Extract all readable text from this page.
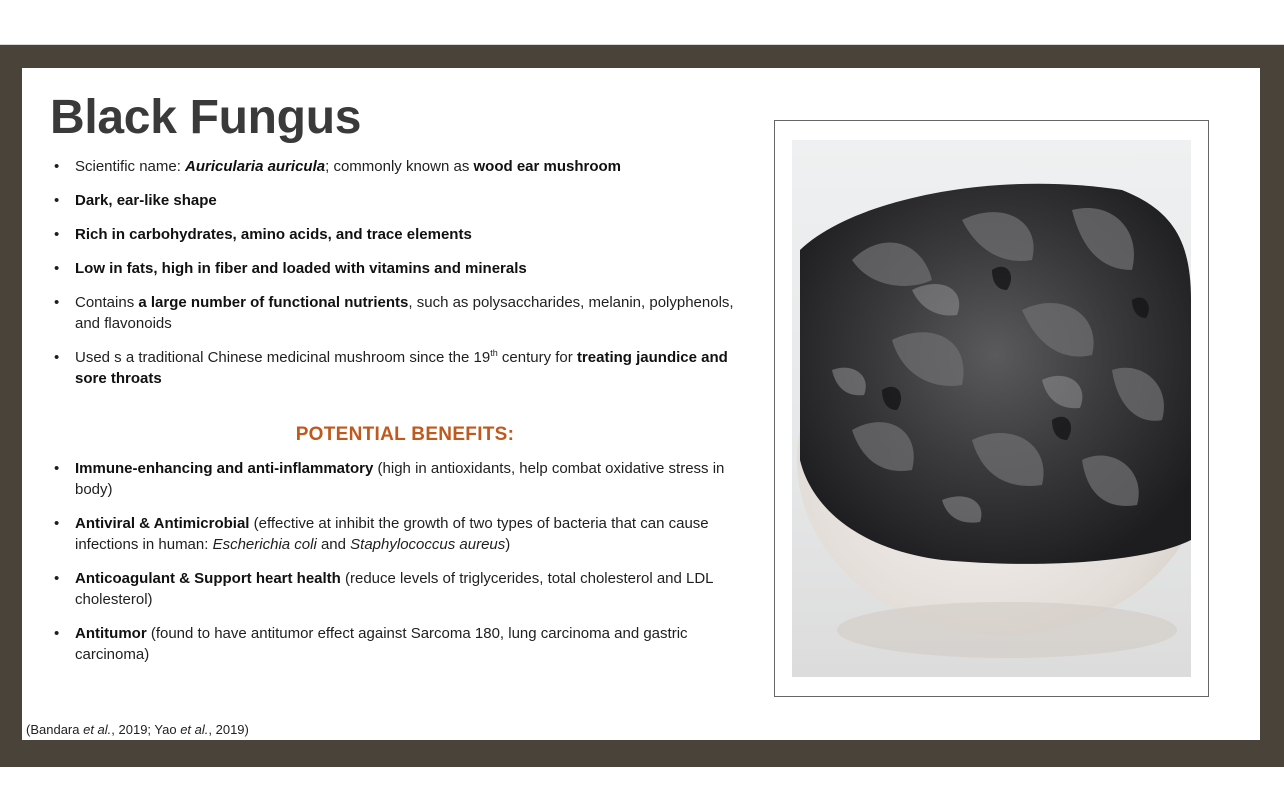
Black Fungus
• Scientific name: Auricularia auricula; commonly known as wood ear mushroom
• Dark, ear-like shape
• Rich in carbohydrates, amino acids, and trace elements
• Low in fats, high in fiber and loaded with vitamins and minerals
• Contains a large number of functional nutrients, such as polysaccharides, melanin, polyphenols, and flavonoids
• Used s a traditional Chinese medicinal mushroom since the 19th century for treating jaundice and sore throats
POTENTIAL BENEFITS:
• Immune-enhancing and anti-inflammatory (high in antioxidants, help combat oxidative stress in body)
• Antiviral & Antimicrobial (effective at inhibit the growth of two types of bacteria that can cause infections in human: Escherichia coli and Staphylococcus aureus)
• Anticoagulant & Support heart health (reduce levels of triglycerides, total cholesterol and LDL cholesterol)
• Antitumor (found to have antitumor effect against Sarcoma 180, lung carcinoma and gastric carcinoma)
(Bandara et al., 2019; Yao et al., 2019)
